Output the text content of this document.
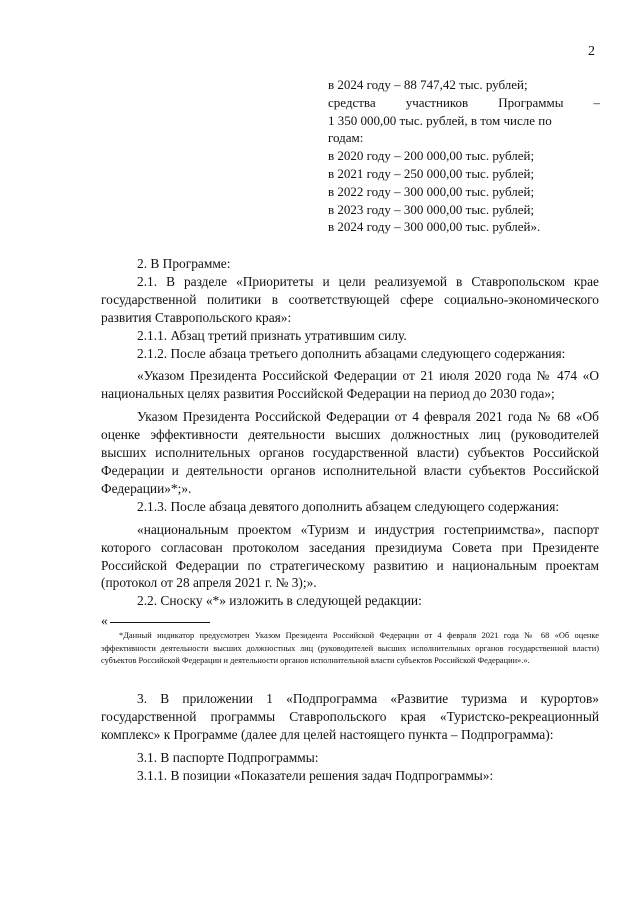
2
в 2024 году – 88 747,42 тыс. рублей;
средства участников Программы –
1 350 000,00 тыс. рублей, в том числе по
годам:
в 2020 году – 200 000,00 тыс. рублей;
в 2021 году – 250 000,00 тыс. рублей;
в 2022 году – 300 000,00 тыс. рублей;
в 2023 году – 300 000,00 тыс. рублей;
в 2024 году – 300 000,00 тыс. рублей».

2. В Программе:

2.1. В разделе «Приоритеты и цели реализуемой в Ставропольском крае государственной политики в соответствующей сфере социально-экономического развития Ставропольского края»:

2.1.1. Абзац третий признать утратившим силу.

2.1.2. После абзаца третьего дополнить абзацами следующего содержания:

«Указом Президента Российской Федерации от 21 июля 2020 года № 474 «О национальных целях развития Российской Федерации на период до 2030 года»;

Указом Президента Российской Федерации от 4 февраля 2021 года № 68 «Об оценке эффективности деятельности высших должностных лиц (руководителей высших исполнительных органов государственной власти) субъектов Российской Федерации и деятельности органов исполнительной власти субъектов Российской Федерации»*;».

2.1.3. После абзаца девятого дополнить абзацем следующего содержания:

«национальным проектом «Туризм и индустрия гостеприимства», паспорт которого согласован протоколом заседания президиума Совета при Президенте Российской Федерации по стратегическому развитию и национальным проектам (протокол от 28 апреля 2021 г. № 3);».

2.2. Сноску «*» изложить в следующей редакции:

«

*Данный индикатор предусмотрен Указом Президента Российской Федерации от 4 февраля 2021 года № 68 «Об оценке эффективности деятельности высших должностных лиц (руководителей высших исполнительных органов государственной власти) субъектов Российской Федерации и деятельности органов исполнительной власти субъектов Российской Федерации».».

3. В приложении 1 «Подпрограмма «Развитие туризма и курортов» государственной программы Ставропольского края «Туристско-рекреационный комплекс» к Программе (далее для целей настоящего пункта – Подпрограмма):

3.1. В паспорте Подпрограммы:

3.1.1. В позиции «Показатели решения задач Подпрограммы»:
